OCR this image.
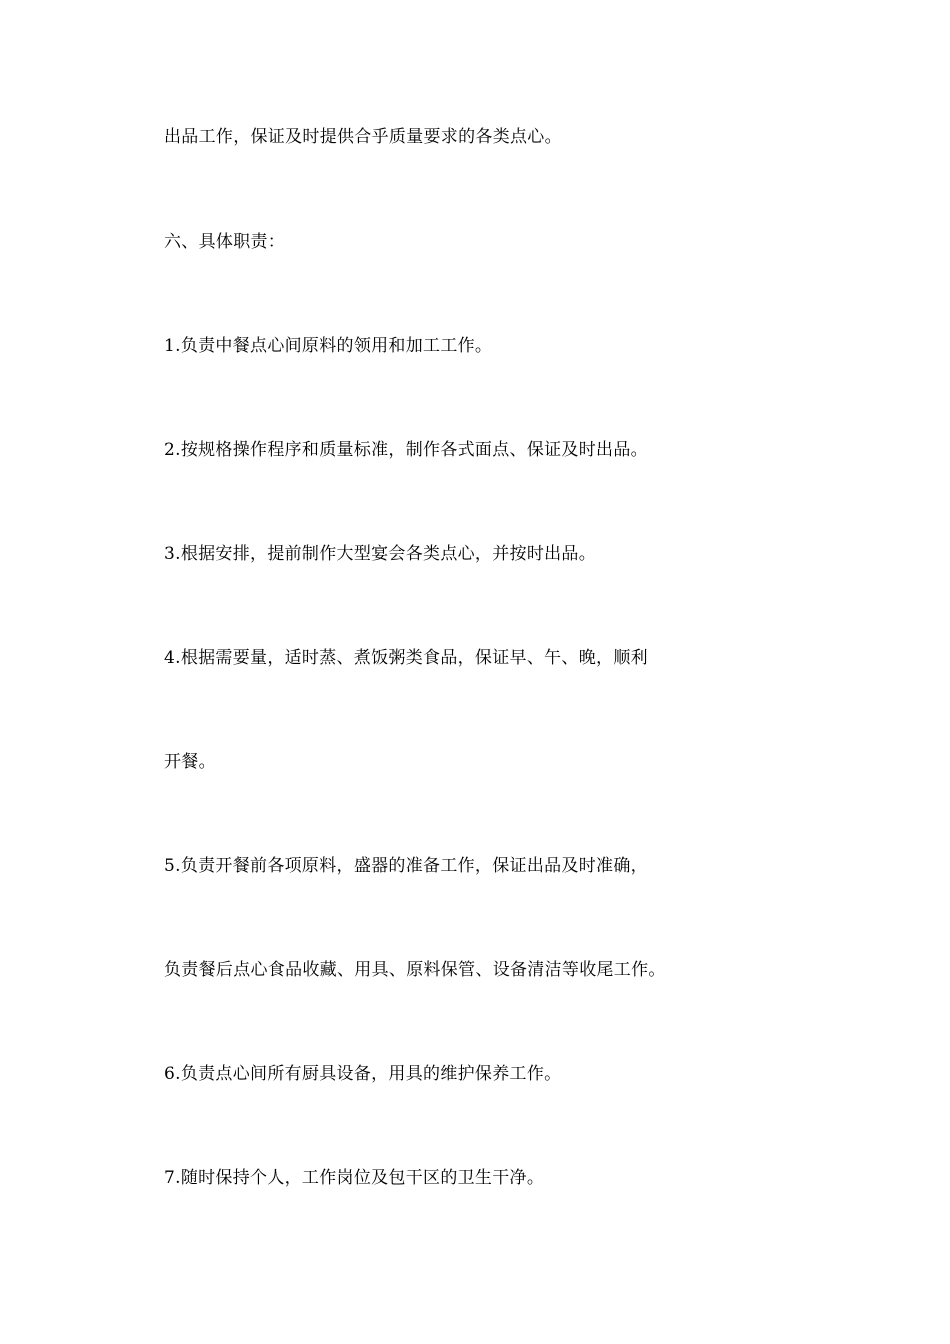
出品工作，保证及时提供合乎质量要求的各类点心。
六、具体职责：
1.负责中餐点心间原料的领用和加工工作。
2.按规格操作程序和质量标准，制作各式面点、保证及时出品。
3.根据安排，提前制作大型宴会各类点心，并按时出品。
4.根据需要量，适时蒸、煮饭粥类食品，保证早、午、晚，顺利
开餐。
5.负责开餐前各项原料，盛器的准备工作，保证出品及时准确，
负责餐后点心食品收藏、用具、原料保管、设备清洁等收尾工作。
6.负责点心间所有厨具设备，用具的维护保养工作。
7.随时保持个人，工作岗位及包干区的卫生干净。
